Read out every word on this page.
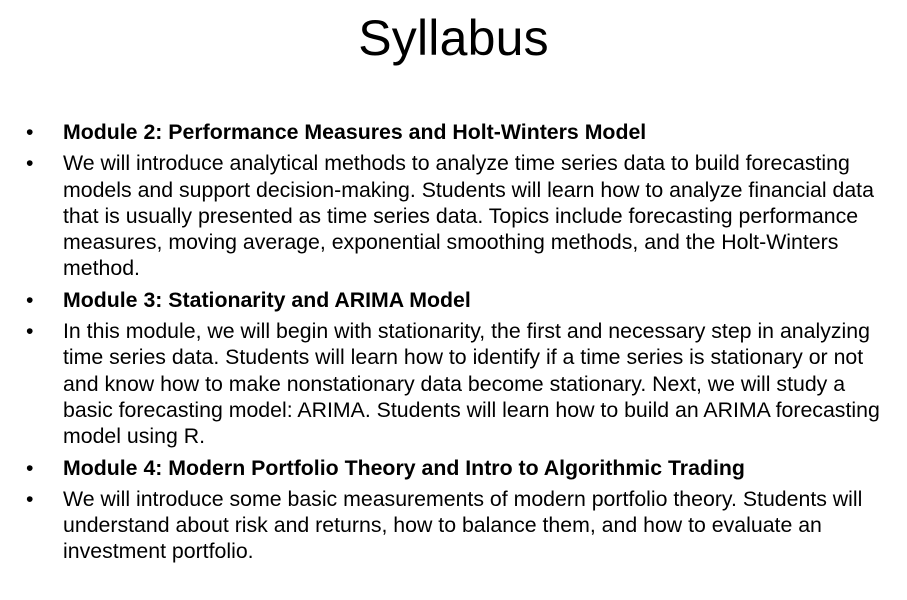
Syllabus
• Module 2: Performance Measures and Holt-Winters Model
• We will introduce analytical methods to analyze time series data to build forecasting models and support decision-making. Students will learn how to analyze financial data that is usually presented as time series data. Topics include forecasting performance measures, moving average, exponential smoothing methods, and the Holt-Winters method.
• Module 3: Stationarity and ARIMA Model
• In this module, we will begin with stationarity, the first and necessary step in analyzing time series data. Students will learn how to identify if a time series is stationary or not and know how to make nonstationary data become stationary. Next, we will study a basic forecasting model: ARIMA. Students will learn how to build an ARIMA forecasting model using R.
• Module 4: Modern Portfolio Theory and Intro to Algorithmic Trading
• We will introduce some basic measurements of modern portfolio theory. Students will understand about risk and returns, how to balance them, and how to evaluate an investment portfolio.
